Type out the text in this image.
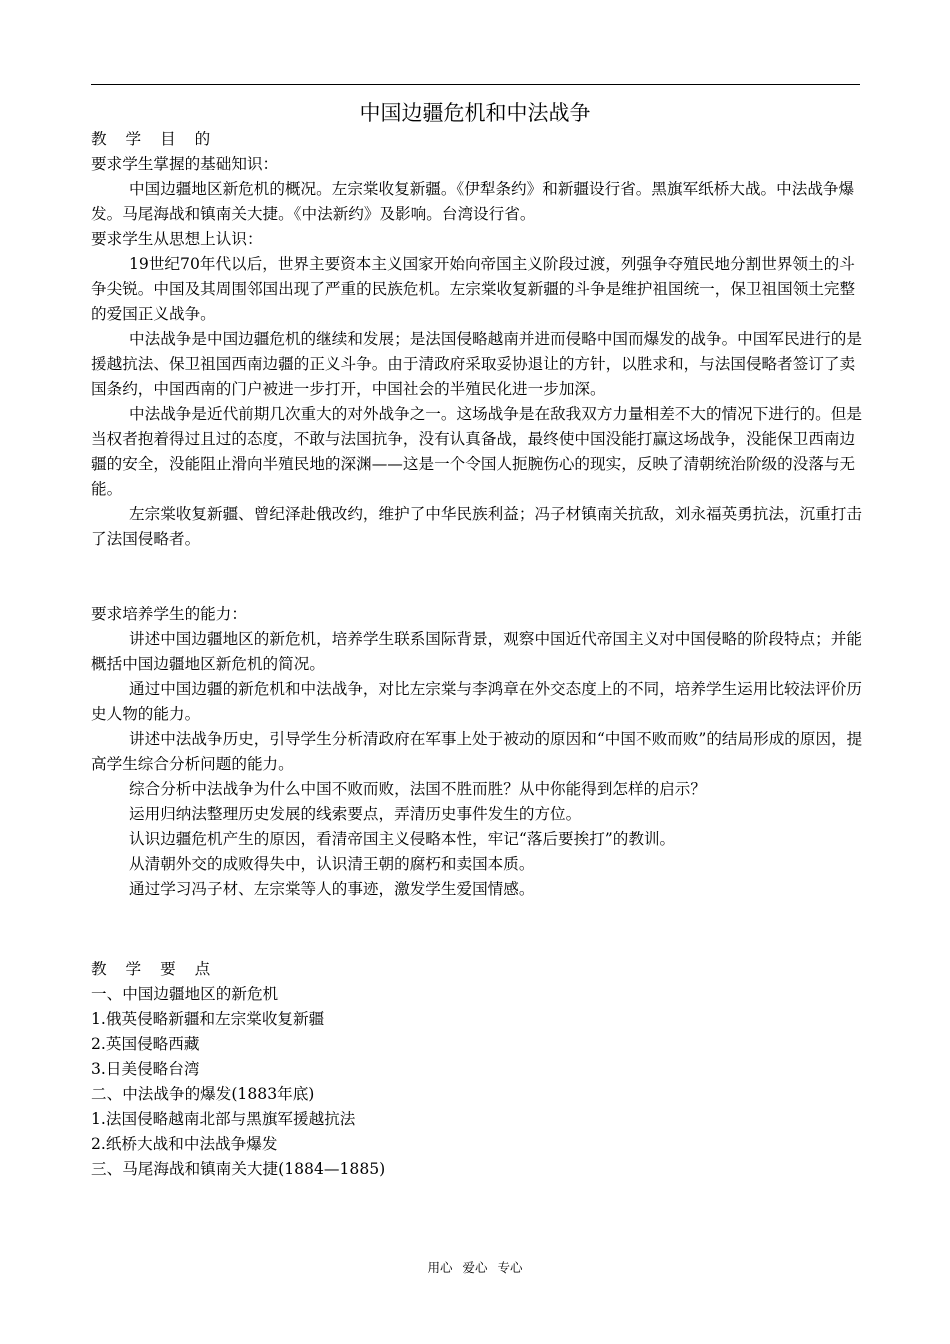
中国边疆危机和中法战争

教 学 目 的

要求学生掌握的基础知识：

中国边疆地区新危机的概况。左宗棠收复新疆。《伊犁条约》和新疆设行省。黑旗军纸桥大战。中法战争爆发。马尾海战和镇南关大捷。《中法新约》及影响。台湾设行省。

要求学生从思想上认识：

19世纪70年代以后，世界主要资本主义国家开始向帝国主义阶段过渡，列强争夺殖民地分割世界领土的斗争尖锐。中国及其周围邻国出现了严重的民族危机。左宗棠收复新疆的斗争是维护祖国统一，保卫祖国领土完整的爱国正义战争。

中法战争是中国边疆危机的继续和发展；是法国侵略越南并进而侵略中国而爆发的战争。中国军民进行的是援越抗法、保卫祖国西南边疆的正义斗争。由于清政府采取妥协退让的方针，以胜求和，与法国侵略者签订了卖国条约，中国西南的门户被进一步打开，中国社会的半殖民化进一步加深。

中法战争是近代前期几次重大的对外战争之一。这场战争是在敌我双方力量相差不大的情况下进行的。但是当权者抱着得过且过的态度，不敢与法国抗争，没有认真备战，最终使中国没能打赢这场战争，没能保卫西南边疆的安全，没能阻止滑向半殖民地的深渊——这是一个令国人扼腕伤心的现实，反映了清朝统治阶级的没落与无能。

左宗棠收复新疆、曾纪泽赴俄改约，维护了中华民族利益；冯子材镇南关抗敌，刘永福英勇抗法，沉重打击了法国侵略者。

要求培养学生的能力：

讲述中国边疆地区的新危机，培养学生联系国际背景，观察中国近代帝国主义对中国侵略的阶段特点；并能概括中国边疆地区新危机的简况。

通过中国边疆的新危机和中法战争，对比左宗棠与李鸿章在外交态度上的不同，培养学生运用比较法评价历史人物的能力。

讲述中法战争历史，引导学生分析清政府在军事上处于被动的原因和“中国不败而败”的结局形成的原因，提高学生综合分析问题的能力。

综合分析中法战争为什么中国不败而败，法国不胜而胜？从中你能得到怎样的启示？

运用归纳法整理历史发展的线索要点，弄清历史事件发生的方位。

认识边疆危机产生的原因，看清帝国主义侵略本性，牢记“落后要挨打”的教训。

从清朝外交的成败得失中，认识清王朝的腐朽和卖国本质。

通过学习冯子材、左宗棠等人的事迹，激发学生爱国情感。

教 学 要 点

一、中国边疆地区的新危机

1.俄英侵略新疆和左宗棠收复新疆

2.英国侵略西藏

3.日美侵略台湾

二、中法战争的爆发(1883年底)

1.法国侵略越南北部与黑旗军援越抗法

2.纸桥大战和中法战争爆发

三、马尾海战和镇南关大捷(1884—1885)

用心 爱心 专心
